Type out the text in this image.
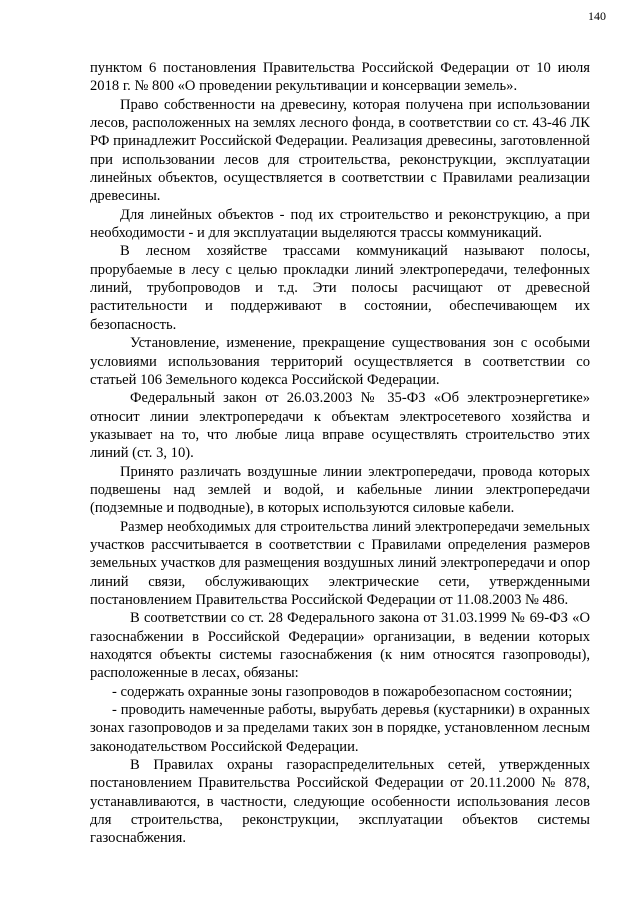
140

пунктом 6 постановления Правительства Российской Федерации от 10 июля 2018 г. № 800 «О проведении рекультивации и консервации земель».

Право собственности на древесину, которая получена при использовании лесов, расположенных на землях лесного фонда, в соответствии со ст. 43-46 ЛК РФ принадлежит Российской Федерации. Реализация древесины, заготовленной при использовании лесов для строительства, реконструкции, эксплуатации линейных объектов, осуществляется в соответствии с Правилами реализации древесины.

Для линейных объектов - под их строительство и реконструкцию, а при необходимости - и для эксплуатации выделяются трассы коммуникаций.

В лесном хозяйстве трассами коммуникаций называют полосы, прорубаемые в лесу с целью прокладки линий электропередачи, телефонных линий, трубопроводов и т.д. Эти полосы расчищают от древесной растительности и поддерживают в состоянии, обеспечивающем их безопасность.

Установление, изменение, прекращение существования зон с особыми условиями использования территорий осуществляется в соответствии со статьей 106 Земельного кодекса Российской Федерации.

Федеральный закон от 26.03.2003 № 35-ФЗ «Об электроэнергетике» относит линии электропередачи к объектам электросетевого хозяйства и указывает на то, что любые лица вправе осуществлять строительство этих линий (ст. 3, 10).

Принято различать воздушные линии электропередачи, провода которых подвешены над землей и водой, и кабельные линии электропередачи (подземные и подводные), в которых используются силовые кабели.

Размер необходимых для строительства линий электропередачи земельных участков рассчитывается в соответствии с Правилами определения размеров земельных участков для размещения воздушных линий электропередачи и опор линий связи, обслуживающих электрические сети, утвержденными постановлением Правительства Российской Федерации от 11.08.2003 № 486.

В соответствии со ст. 28 Федерального закона от 31.03.1999 № 69-ФЗ «О газоснабжении в Российской Федерации» организации, в ведении которых находятся объекты системы газоснабжения (к ним относятся газопроводы), расположенные в лесах, обязаны:

- содержать охранные зоны газопроводов в пожаробезопасном состоянии;

- проводить намеченные работы, вырубать деревья (кустарники) в охранных зонах газопроводов и за пределами таких зон в порядке, установленном лесным законодательством Российской Федерации.

В Правилах охраны газораспределительных сетей, утвержденных постановлением Правительства Российской Федерации от 20.11.2000 № 878, устанавливаются, в частности, следующие особенности использования лесов для строительства, реконструкции, эксплуатации объектов системы газоснабжения.
